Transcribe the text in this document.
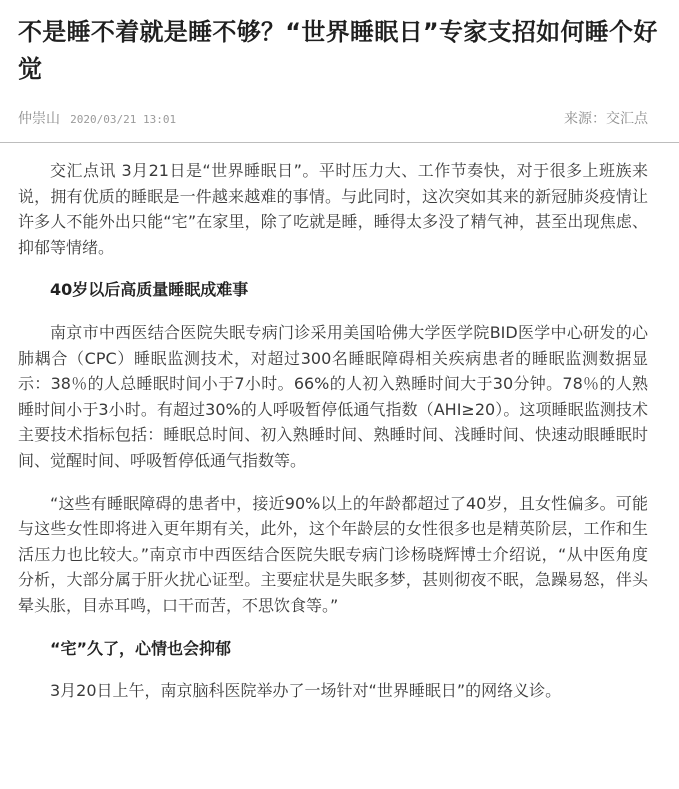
不是睡不着就是睡不够？“世界睡眠日”专家支招如何睡个好觉
仲崇山 2020/03/21 13:01	来源：交汇点

交汇点讯 3月21日是“世界睡眠日”。平时压力大、工作节奏快，对于很多上班族来说，拥有优质的睡眠是一件越来越难的事情。与此同时，这次突如其来的新冠肺炎疫情让许多人不能外出只能“宅”在家里，除了吃就是睡，睡得太多没了精气神，甚至出现焦虑、抑郁等情绪。

40岁以后高质量睡眠成难事

南京市中西医结合医院失眠专病门诊采用美国哈佛大学医学院BID医学中心研发的心肺耦合（CPC）睡眠监测技术，对超过300名睡眠障碍相关疾病患者的睡眠监测数据显示：38％的人总睡眠时间小于7小时。66%的人初入熟睡时间大于30分钟。78％的人熟睡时间小于3小时。有超过30%的人呼吸暂停低通气指数（AHI≥20）。这项睡眠监测技术主要技术指标包括：睡眠总时间、初入熟睡时间、熟睡时间、浅睡时间、快速动眼睡眠时间、觉醒时间、呼吸暂停低通气指数等。

“这些有睡眠障碍的患者中，接近90%以上的年龄都超过了40岁，且女性偏多。可能与这些女性即将进入更年期有关，此外，这个年龄层的女性很多也是精英阶层，工作和生活压力也比较大。”南京市中西医结合医院失眠专病门诊杨晓辉博士介绍说，“从中医角度分析，大部分属于肝火扰心证型。主要症状是失眠多梦，甚则彻夜不眠，急躁易怒，伴头晕头胀，目赤耳鸣，口干而苦，不思饮食等。”

“宅”久了，心情也会抑郁

3月20日上午，南京脑科医院举办了一场针对“世界睡眠日”的网络义诊。
